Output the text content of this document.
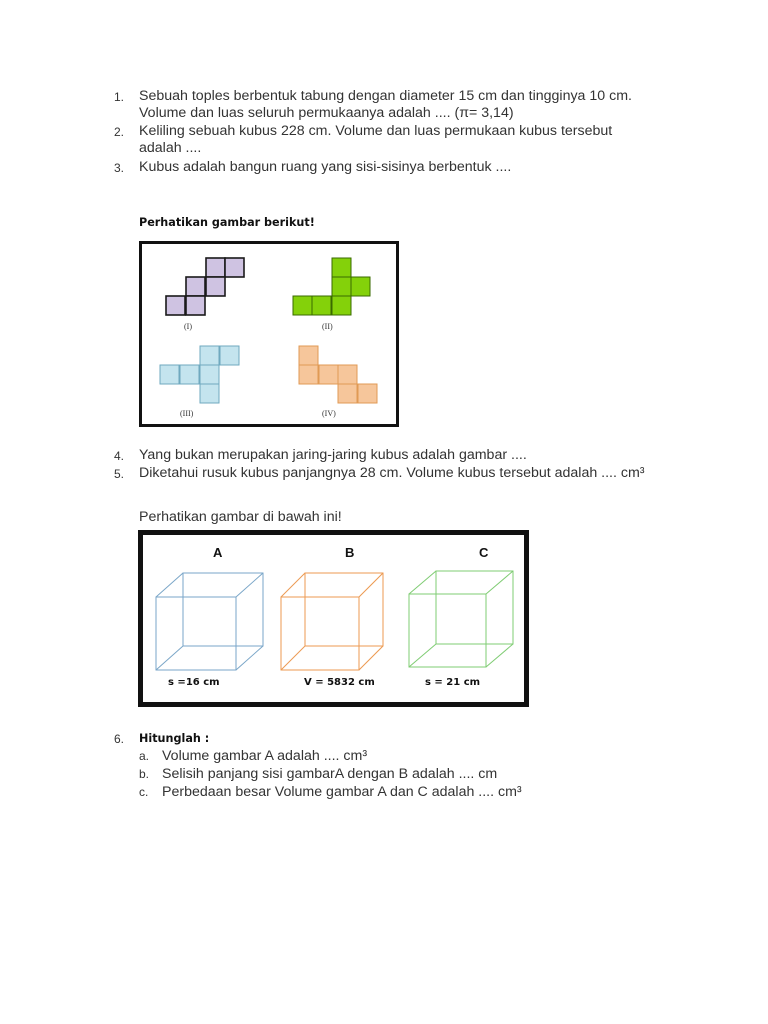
1.	Sebuah toples berbentuk tabung dengan diameter 15 cm dan tingginya 10 cm.
Volume dan luas seluruh permukaanya adalah .... (π= 3,14)
2.	Keliling sebuah kubus 228 cm. Volume dan luas permukaan kubus tersebut
adalah ....
3.	Kubus adalah bangun ruang yang sisi-sisinya berbentuk ....
Perhatikan gambar berikut!
(I)	(II)
(III)	(IV)
4.	Yang bukan merupakan jaring-jaring kubus adalah gambar ....
5.	Diketahui rusuk kubus panjangnya 28 cm. Volume kubus tersebut adalah .... cm³
Perhatikan gambar di bawah ini!
A	B	C
s =16 cm	V = 5832 cm	s = 21 cm
6.	Hitunglah :
a. Volume gambar A adalah .... cm³
b. Selisih panjang sisi gambarA dengan B adalah .... cm
c. Perbedaan besar Volume gambar A dan C adalah .... cm³
